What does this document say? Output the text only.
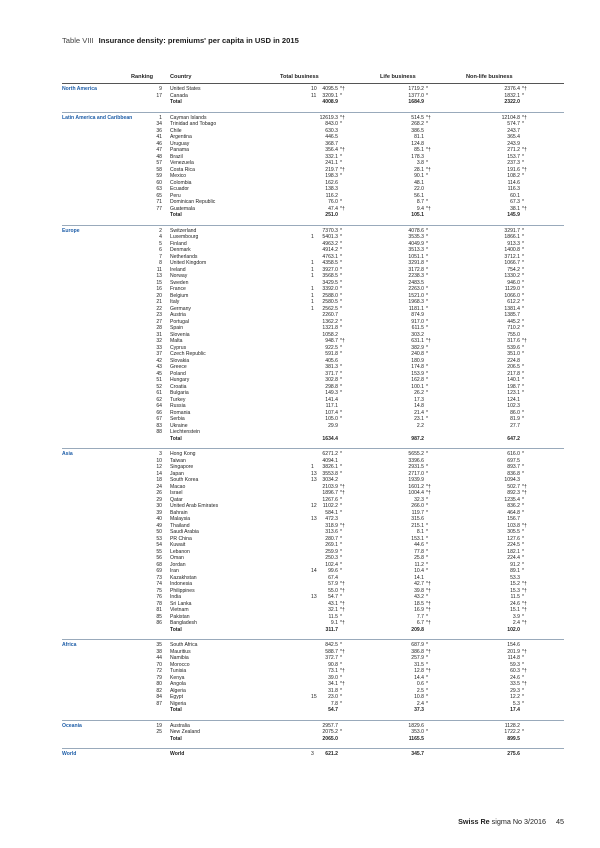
Table VIII Insurance density: premiums' per capita in USD in 2015
Ranking	Country	Total business	Life business	Non-life business
North America	9 United States	10 4095.5 *†	1719.2 *	2376.4 *†
17 Canada	11 3209.1 *	1377.0 *	1832.1 *
Total	4008.9	1684.9	2322.0
Latin America and Caribbean	1 Cayman Islands	12619.3 *†	514.5 *†	12104.8 *†
34 Trinidad and Tobago	843.0 *	268.2 *	574.7 *
36 Chile	630.3	386.5	243.7
41 Argentina	446.5	81.1	365.4
46 Uruguay	368.7	124.8	243.9
47 Panama	356.4 *†	85.1 *†	271.2 *†
48 Brazil	332.1 *	178.3	153.7 *
57 Venezuela	241.1 *	3.8 *	237.3 *
58 Costa Rica	219.7 *†	28.1 *†	191.6 *†
59 Mexico	198.3 *	90.1 *	108.2 *
60 Colombia	162.6	48.1	114.6
63 Ecuador	138.3	22.0	116.3
65 Peru	116.2	56.1	60.1
71 Dominican Republic	76.0 *	8.7 *	67.3 *
77 Guatemala	47.4 *†	9.4 *†	38.1 *†
Total	251.0	105.1	145.9
Europe	2 Switzerland	7370.3 *	4078.6 *	3291.7 *
4 Luxembourg	1 5401.3 *	3535.3 *	1866.1 *
5 Finland	4963.2 *	4049.9 *	913.3 *
6 Denmark	4914.2 *	3513.3 *	1400.8 *
7 Netherlands	4763.1 *	1051.1 *	3712.1 *
8 United Kingdom	1 4358.5 *	3291.8 *	1066.7 *
11 Ireland	1 3927.0 *	3172.8 *	754.2 *
13 Norway	1 3568.5 *	2238.3 *	1330.2 *
15 Sweden	3429.5 *	2483.5	946.0 *
16 France	1 3392.0 *	2263.0 *	1129.0 *
20 Belgium	1 2588.0 *	1521.0 *	1066.0 *
21 Italy	1 2580.5 *	1968.3 *	612.2 *
22 Germany	1 2562.5 *	1181.1 *	1381.4 *
23 Austria	2260.7	874.9	1385.7
27 Portugal	1362.2 *	917.0 *	445.2 *
28 Spain	1321.8 *	611.5 *	710.2 *
31 Slovenia	1058.2	303.2	755.0
32 Malta	948.7 *†	631.1 *†	317.6 *†
33 Cyprus	922.5 *	382.9 *	539.6 *
37 Czech Republic	591.8 *	240.8 *	351.0 *
42 Slovakia	405.6	180.9	224.8
43 Greece	381.3 *	174.8 *	206.5 *
45 Poland	371.7 *	153.9 *	217.8 *
51 Hungary	302.8 *	162.8 *	140.1 *
52 Croatia	298.8 *	100.1 *	198.7 *
61 Bulgaria	149.3 *	26.2 *	123.1 *
62 Turkey	141.4	17.3	124.1
64 Russia	117.1	14.8	102.3
66 Romania	107.4 *	21.4 *	86.0 *
67 Serbia	105.0 *	23.1 *	81.9 *
83 Ukraine	29.9	2.2	27.7
88 Liechtenstein
Total	1634.4	987.2	647.2
Asia	3 Hong Kong	6271.2 *	5655.2 *	616.0 *
10 Taiwan	4094.1	3396.6	697.5
12 Singapore	1 3826.1 *	2931.5 *	893.7 *
14 Japan	13 3553.8 *	2717.0 *	836.8 *
18 South Korea	13 3034.2	1939.9	1094.3
24 Macao	2103.9 *†	1601.2 *†	502.7 *†
26 Israel	1896.7 *†	1004.4 *†	892.3 *†
29 Qatar	1267.6 *	32.3 *	1235.4 *
30 United Arab Emirates	12 1102.2 *	266.0 *	836.2 *
39 Bahrain	584.1 *	119.7 *	464.8 *
40 Malaysia	13 472.3	315.6	156.7
49 Thailand	318.9 *†	215.1 *	103.8 *†
50 Saudi Arabia	313.6 *	8.1 *	305.5 *
53 PR China	280.7 *	153.1 *	127.6 *
54 Kuwait	269.1 *	44.6 *	224.5 *
55 Lebanon	259.9 *	77.8 *	182.1 *
56 Oman	250.3 *	25.8 *	224.4 *
68 Jordan	102.4 *	11.2 *	91.2 *
69 Iran	14 99.6 *	10.4 *	89.1 *
73 Kazakhstan	67.4	14.1	53.3
74 Indonesia	57.9 *†	42.7 *†	15.2 *†
75 Philippines	55.0 *†	39.8 *†	15.3 *†
76 India	13 54.7 *	43.2 *	11.5 *
78 Sri Lanka	43.1 *†	18.5 *†	24.6 *†
81 Vietnam	32.1 *†	16.9 *†	15.1 *†
85 Pakistan	11.5 *	7.7 *	3.9 *
86 Bangladesh	9.1 *†	6.7 *†	2.4 *†
Total	311.7	209.8	102.0
Africa	35 South Africa	842.5 *	687.9 *	154.6
38 Mauritius	588.7 *†	386.8 *†	201.9 *†
44 Namibia	372.7 *	257.9 *	114.8 *
70 Morocco	90.8 *	31.5 *	59.3 *
72 Tunisia	73.1 *†	12.8 *†	60.3 *†
79 Kenya	39.0 *	14.4 *	24.6 *
80 Angola	34.1 *†	0.6 *	33.5 *†
82 Algeria	31.8 *	2.5 *	29.3 *
84 Egypt	15 23.0 *	10.8 *	12.2 *
87 Nigeria	7.8 *	2.4 *	5.3 *
Total	54.7	37.3	17.4
Oceania	19 Australia	2957.7	1829.6	1128.2
25 New Zealand	2075.2 *	353.0 *	1722.2 *
Total	2065.0	1165.5	899.5
World	World	3 621.2	345.7	275.6
Swiss Re sigma No 3/2016 45
